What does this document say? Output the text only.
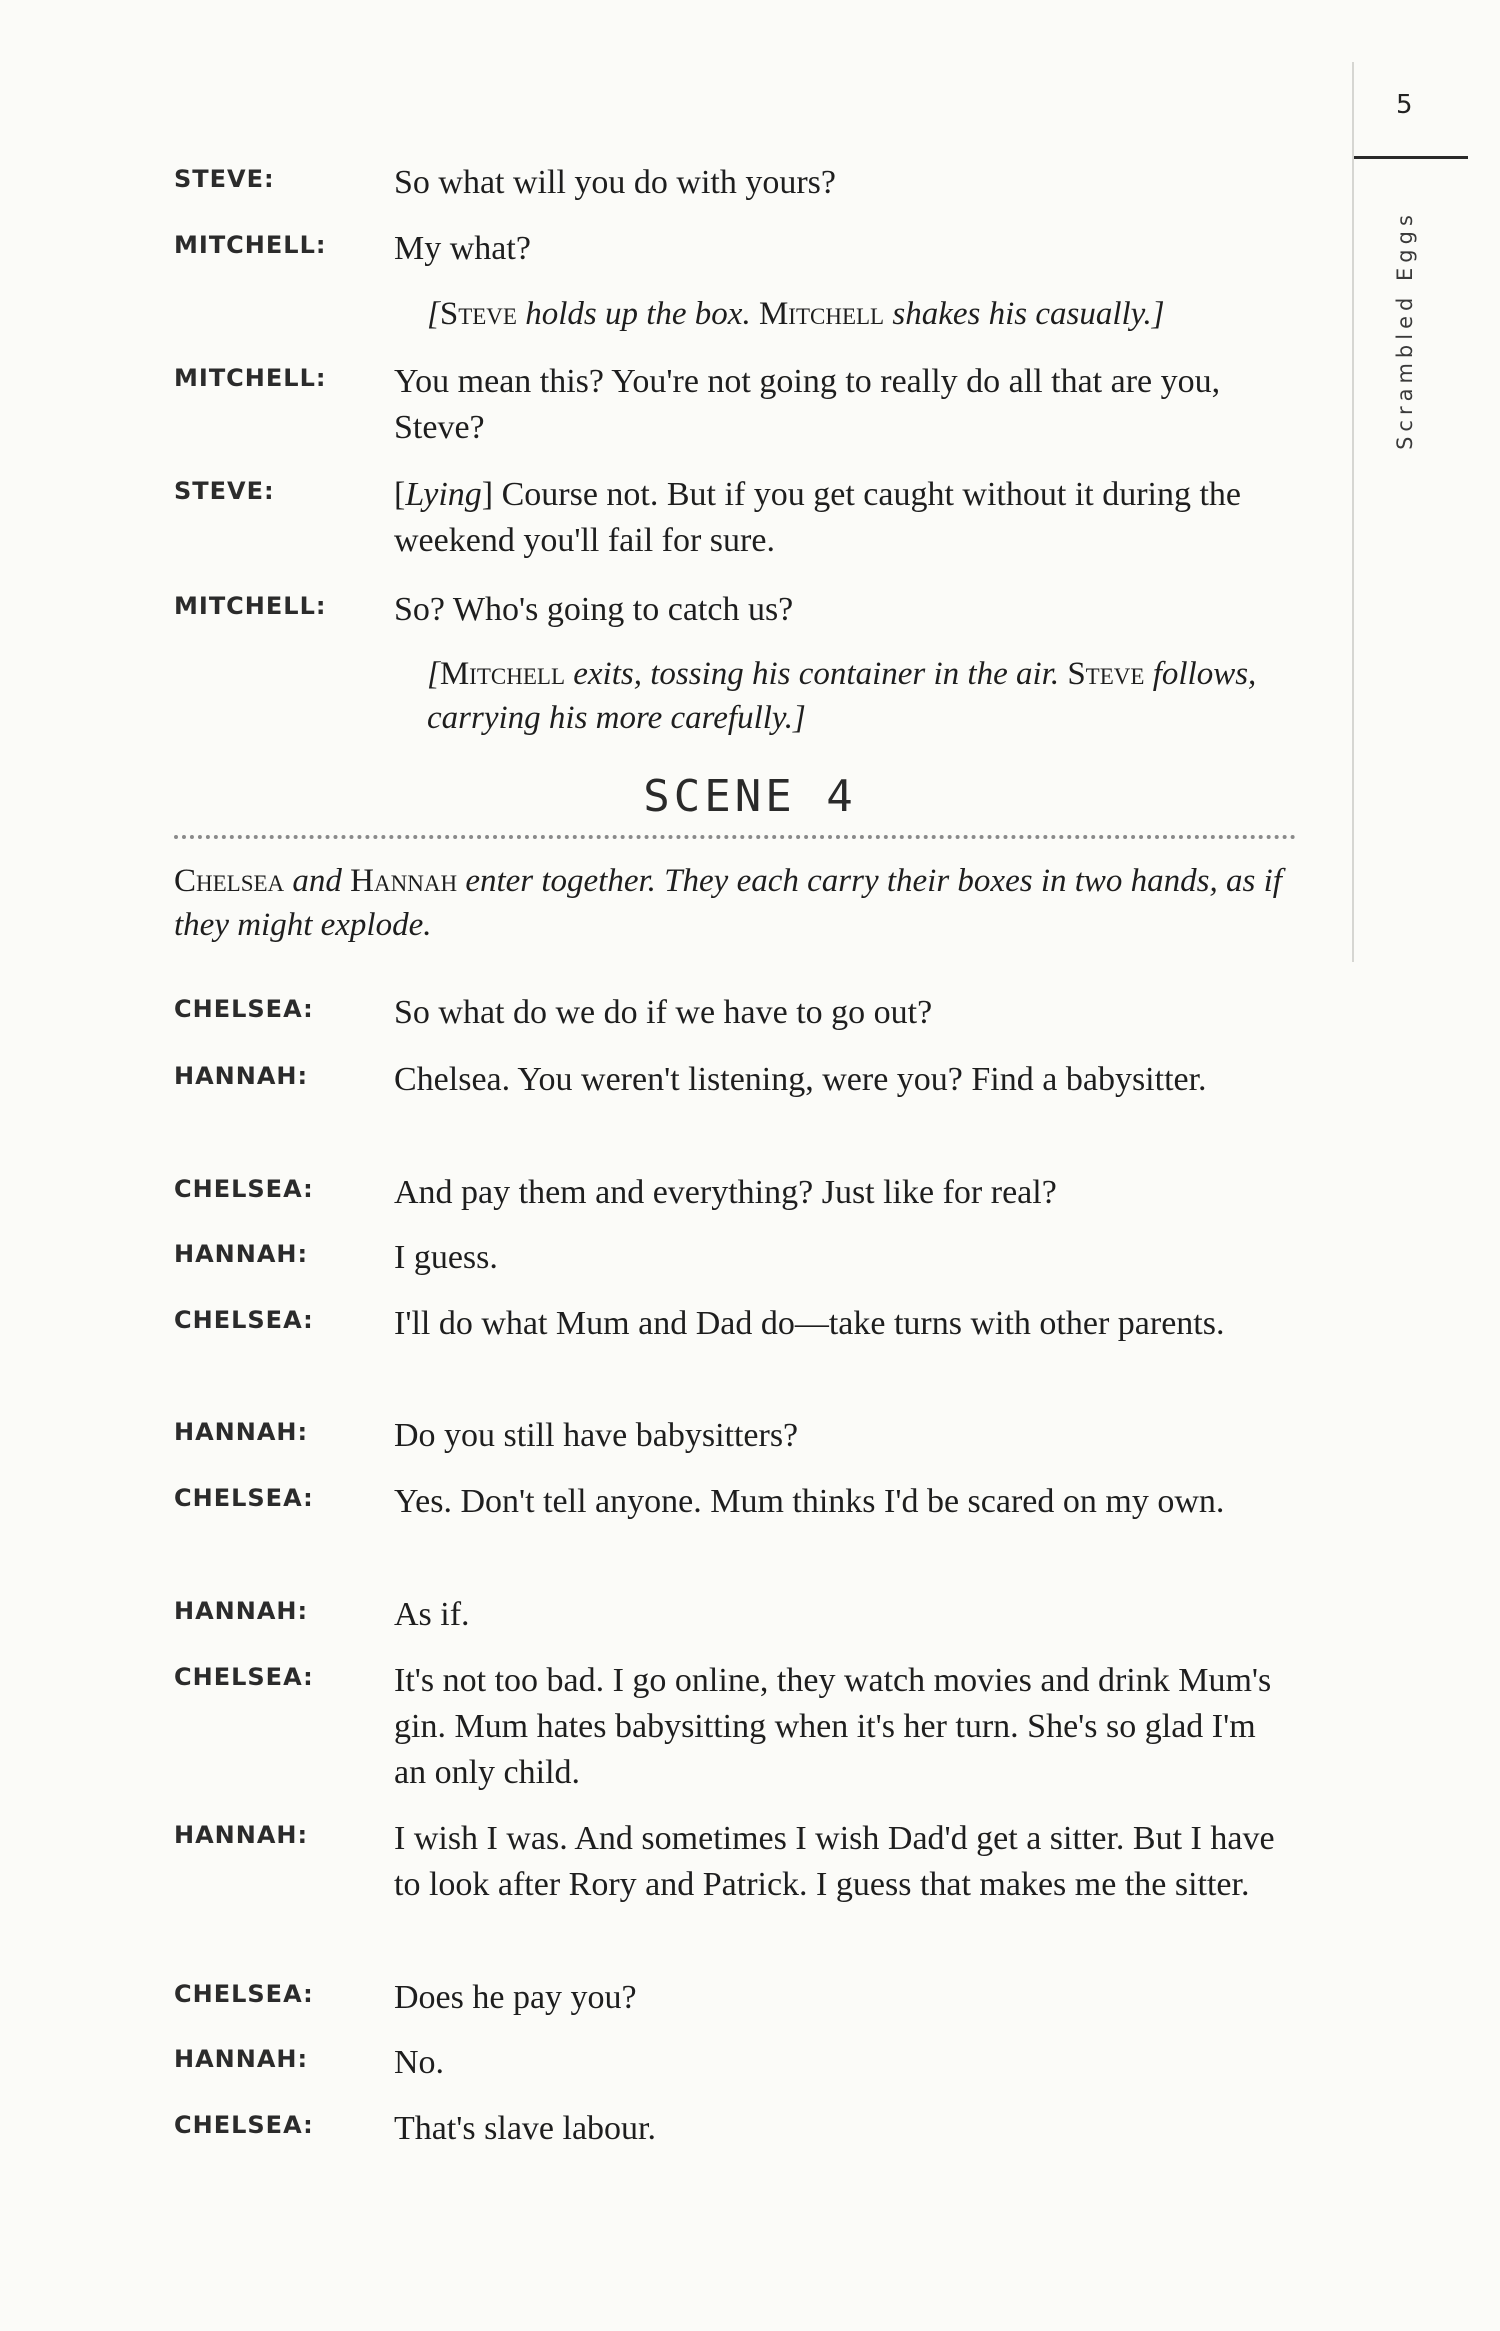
5
Scrambled Eggs
STEVE:	So what will you do with yours?
MITCHELL: My what?
[Steve holds up the box. Mitchell shakes his casually.]
MITCHELL: You mean this? You're not going to really do all that are you, Steve?
STEVE:	[Lying] Course not. But if you get caught without it during the weekend you'll fail for sure.
MITCHELL: So? Who's going to catch us?
[Mitchell exits, tossing his container in the air. Steve follows, carrying his more carefully.]
SCENE 4
Chelsea and Hannah enter together. They each carry their boxes in two hands, as if they might explode.
CHELSEA: So what do we do if we have to go out?
HANNAH:	Chelsea. You weren't listening, were you? Find a babysitter.
CHELSEA: And pay them and everything? Just like for real?
HANNAH:	I guess.
CHELSEA: I'll do what Mum and Dad do—take turns with other parents.
HANNAH:	Do you still have babysitters?
CHELSEA: Yes. Don't tell anyone. Mum thinks I'd be scared on my own.
HANNAH:	As if.
CHELSEA: It's not too bad. I go online, they watch movies and drink Mum's gin. Mum hates babysitting when it's her turn. She's so glad I'm an only child.
HANNAH:	I wish I was. And sometimes I wish Dad'd get a sitter. But I have to look after Rory and Patrick. I guess that makes me the sitter.
CHELSEA: Does he pay you?
HANNAH:	No.
CHELSEA: That's slave labour.
